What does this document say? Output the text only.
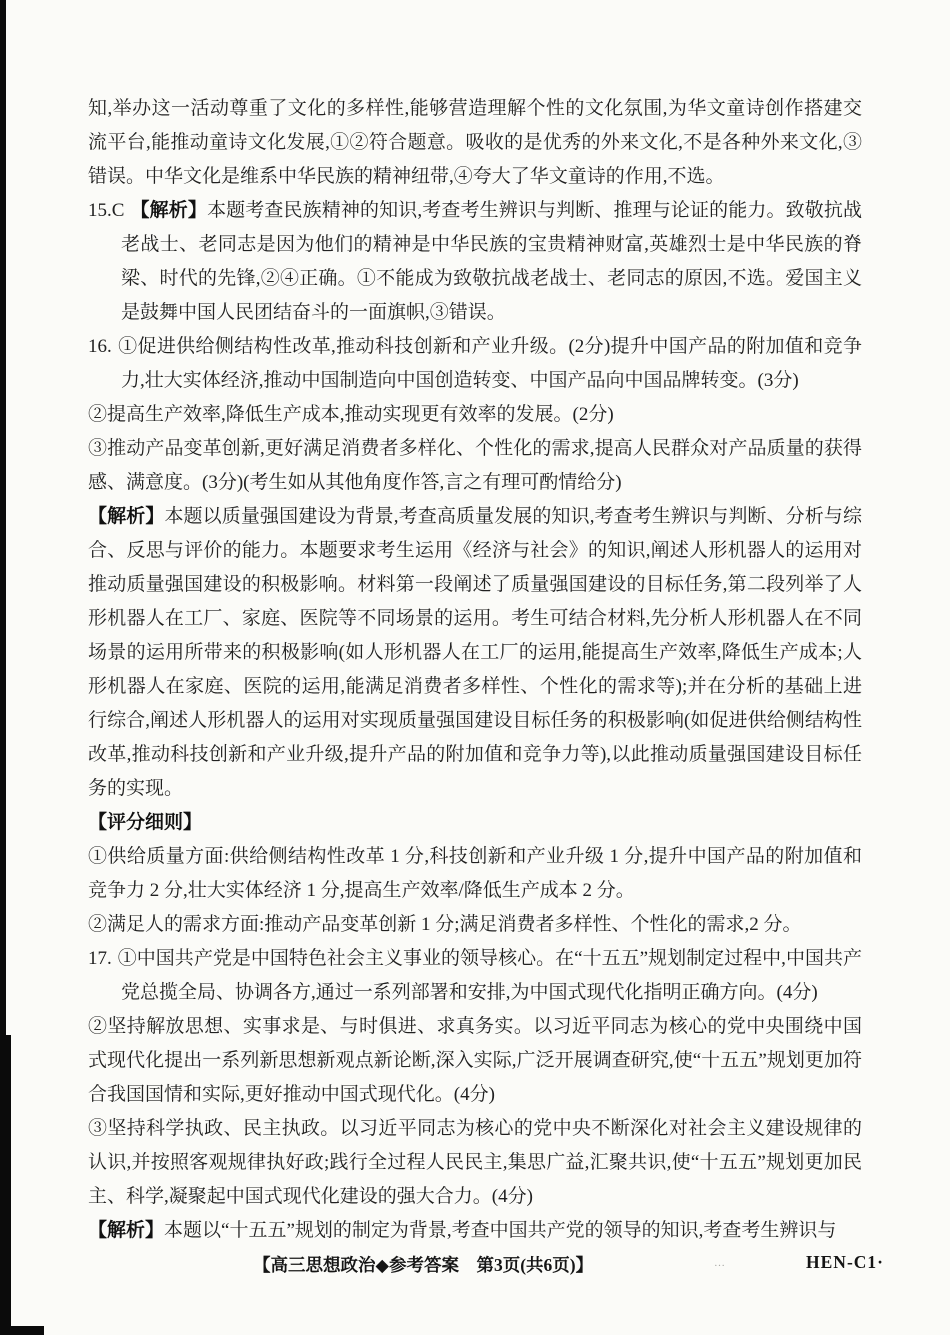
知,举办这一活动尊重了文化的多样性,能够营造理解个性的文化氛围,为华文童诗创作搭建交流平台,能推动童诗文化发展,①②符合题意。吸收的是优秀的外来文化,不是各种外来文化,③错误。中华文化是维系中华民族的精神纽带,④夸大了华文童诗的作用,不选。

15.C 【解析】本题考查民族精神的知识,考查考生辨识与判断、推理与论证的能力。致敬抗战老战士、老同志是因为他们的精神是中华民族的宝贵精神财富,英雄烈士是中华民族的脊梁、时代的先锋,②④正确。①不能成为致敬抗战老战士、老同志的原因,不选。爱国主义是鼓舞中国人民团结奋斗的一面旗帜,③错误。

16. ①促进供给侧结构性改革,推动科技创新和产业升级。(2分)提升中国产品的附加值和竞争力,壮大实体经济,推动中国制造向中国创造转变、中国产品向中国品牌转变。(3分)

②提高生产效率,降低生产成本,推动实现更有效率的发展。(2分)

③推动产品变革创新,更好满足消费者多样化、个性化的需求,提高人民群众对产品质量的获得感、满意度。(3分)(考生如从其他角度作答,言之有理可酌情给分)

【解析】本题以质量强国建设为背景,考查高质量发展的知识,考查考生辨识与判断、分析与综合、反思与评价的能力。本题要求考生运用《经济与社会》的知识,阐述人形机器人的运用对推动质量强国建设的积极影响。材料第一段阐述了质量强国建设的目标任务,第二段列举了人形机器人在工厂、家庭、医院等不同场景的运用。考生可结合材料,先分析人形机器人在不同场景的运用所带来的积极影响(如人形机器人在工厂的运用,能提高生产效率,降低生产成本;人形机器人在家庭、医院的运用,能满足消费者多样性、个性化的需求等);并在分析的基础上进行综合,阐述人形机器人的运用对实现质量强国建设目标任务的积极影响(如促进供给侧结构性改革,推动科技创新和产业升级,提升产品的附加值和竞争力等),以此推动质量强国建设目标任务的实现。

【评分细则】

①供给质量方面:供给侧结构性改革 1 分,科技创新和产业升级 1 分,提升中国产品的附加值和竞争力 2 分,壮大实体经济 1 分,提高生产效率/降低生产成本 2 分。

②满足人的需求方面:推动产品变革创新 1 分;满足消费者多样性、个性化的需求,2 分。

17. ①中国共产党是中国特色社会主义事业的领导核心。在“十五五”规划制定过程中,中国共产党总揽全局、协调各方,通过一系列部署和安排,为中国式现代化指明正确方向。(4分)

②坚持解放思想、实事求是、与时俱进、求真务实。以习近平同志为核心的党中央围绕中国式现代化提出一系列新思想新观点新论断,深入实际,广泛开展调查研究,使“十五五”规划更加符合我国国情和实际,更好推动中国式现代化。(4分)

③坚持科学执政、民主执政。以习近平同志为核心的党中央不断深化对社会主义建设规律的认识,并按照客观规律执好政;践行全过程人民民主,集思广益,汇聚共识,使“十五五”规划更加民主、科学,凝聚起中国式现代化建设的强大合力。(4分)

【解析】本题以“十五五”规划的制定为背景,考查中国共产党的领导的知识,考查考生辨识与

【高三思想政治◆参考答案　第3页(共6页)】	…	HEN-C1·
